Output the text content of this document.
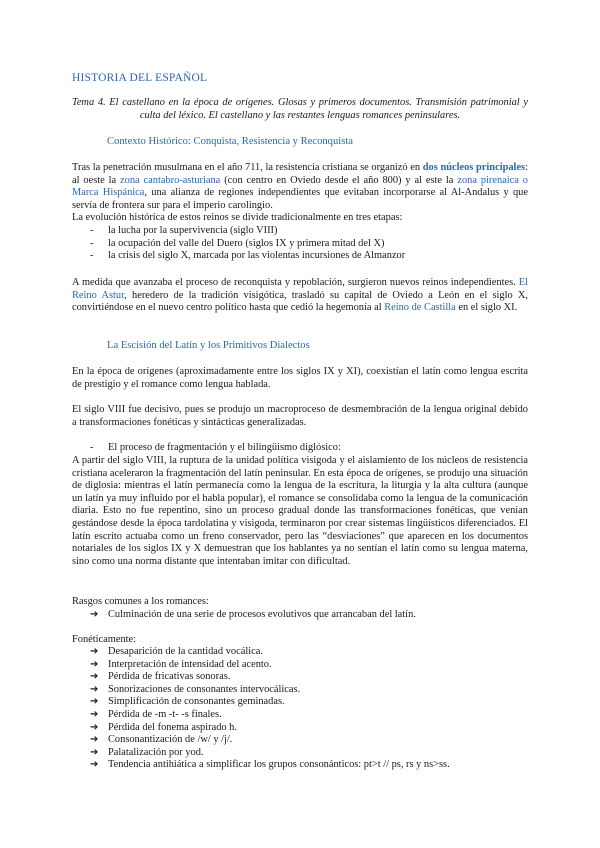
HISTORIA DEL ESPAÑOL
Tema 4. El castellano en la época de orígenes. Glosas y primeros documentos. Transmisión patrimonial y culta del léxico. El castellano y las restantes lenguas romances peninsulares.
Contexto Histórico: Conquista, Resistencia y Reconquista
Tras la penetración musulmana en el año 711, la resistencia cristiana se organizó en dos núcleos principales: al oeste la zona cantabro-asturiana (con centro en Oviedo desde el año 800) y al este la zona pirenaica o Marca Hispánica, una alianza de regiones independientes que evitaban incorporarse al Al-Andalus y que servía de frontera sur para el imperio carolingio.
La evolución histórica de estos reinos se divide tradicionalmente en tres etapas:
- la lucha por la supervivencia (siglo VIII)
- la ocupación del valle del Duero (siglos IX y primera mitad del X)
- la crisis del siglo X, marcada por las violentas incursiones de Almanzor
A medida que avanzaba el proceso de reconquista y repoblación, surgieron nuevos reinos independientes. El Reino Astur, heredero de la tradición visigótica, trasladó su capital de Oviedo a León en el siglo X, convirtiéndose en el nuevo centro político hasta que cedió la hegemonía al Reino de Castilla en el siglo XI.
La Escisión del Latín y los Primitivos Dialectos
En la época de orígenes (aproximadamente entre los siglos IX y XI), coexistían el latín como lengua escrita de prestigio y el romance como lengua hablada.
El siglo VIII fue decisivo, pues se produjo un macroproceso de desmembración de la lengua original debido a transformaciones fonéticas y sintácticas generalizadas.
- El proceso de fragmentación y el bilingüismo diglósico:
A partir del siglo VIII, la ruptura de la unidad política visigoda y el aislamiento de los núcleos de resistencia cristiana aceleraron la fragmentación del latín peninsular. En esta época de orígenes, se produjo una situación de diglosia: mientras el latín permanecía como la lengua de la escritura, la liturgia y la alta cultura (aunque un latín ya muy influido por el habla popular), el romance se consolidaba como la lengua de la comunicación diaria. Esto no fue repentino, sino un proceso gradual donde las transformaciones fonéticas, que venían gestándose desde la época tardolatina y visigoda, terminaron por crear sistemas lingüísticos diferenciados. El latín escrito actuaba como un freno conservador, pero las “desviaciones” que aparecen en los documentos notariales de los siglos IX y X demuestran que los hablantes ya no sentían el latín como su lengua materna, sino como una norma distante que intentaban imitar con dificultad.
Rasgos comunes a los romances:
➔ Culminación de una serie de procesos evolutivos que arrancaban del latín.
Fonéticamente:
➔ Desaparición de la cantidad vocálica.
➔ Interpretación de intensidad del acento.
➔ Pérdida de fricativas sonoras.
➔ Sonorizaciones de consonantes intervocálicas.
➔ Simplificación de consonantes geminadas.
➔ Pérdida de -m -t- -s finales.
➔ Pérdida del fonema aspirado h.
➔ Consonantización de /w/ y /j/.
➔ Palatalización por yod.
➔ Tendencia antihiática a simplificar los grupos consonánticos: pt>t // ps, rs y ns>ss.
